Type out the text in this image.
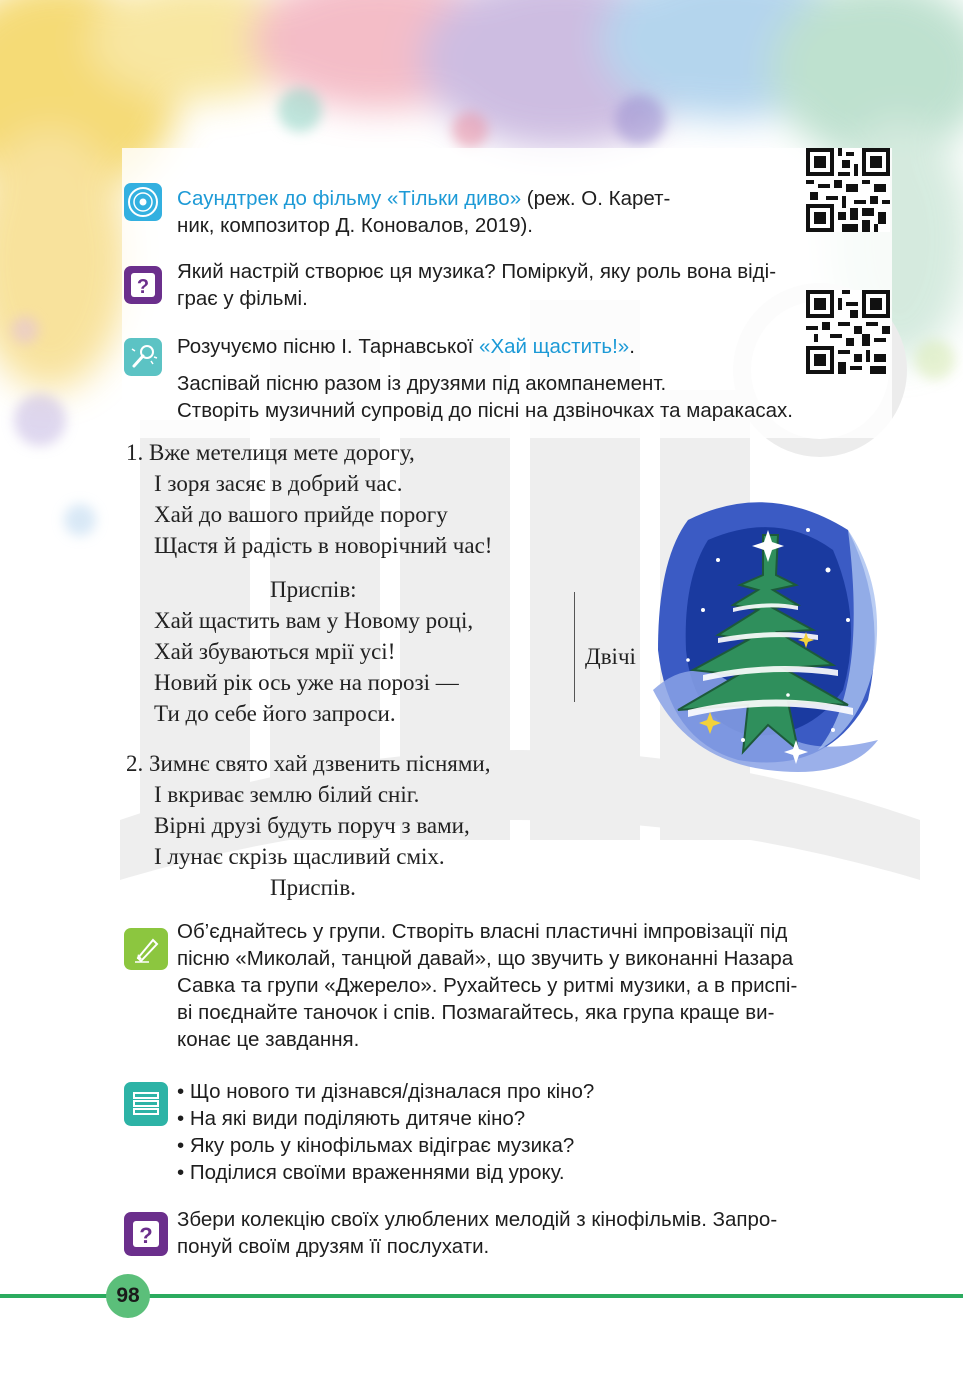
Саундтрек до фільму «Тільки диво» (реж. О. Карет-
ник, композитор Д. Коновалов, 2019).
?
Який настрій створює ця музика? Поміркуй, яку роль вона віді-
грає у фільмі.
Розучуємо пісню І. Тарнавської «Хай щастить!».
Заспівай пісню разом із друзями під акомпанемент.
Створіть музичний супровід до пісні на дзвіночках та маракасах.
1. Вже метелиця мете дорогу,
І зоря засяє в добрий час.
Хай до вашого прийде порогу
Щастя й радість в новорічний час!
Приспів:
Хай щастить вам у Новому році,
Хай збуваються мрії усі!
Новий рік ось уже на порозі —
Ти до себе його запроси.
Двічі
2. Зимнє свято хай дзвенить піснями,
І вкриває землю білий сніг.
Вірні друзі будуть поруч з вами,
І лунає скрізь щасливий сміх.
Приспів.
Об’єднайтесь у групи. Створіть власні пластичні імпровізації під
пісню «Миколай, танцюй давай», що звучить у виконанні Назара
Савка та групи «Джерело». Рухайтесь у ритмі музики, а в приспі-
ві поєднайте таночок і спів. Позмагайтесь, яка група краще ви-
конає це завдання.
• Що нового ти дізнався/дізналася про кіно?
• На які види поділяють дитяче кіно?
• Яку роль у кінофільмах відіграє музика?
• Поділися своїми враженнями від уроку.
?
Збери колекцію своїх улюблених мелодій з кінофільмів. Запро-
понуй своїм друзям її послухати.
98
